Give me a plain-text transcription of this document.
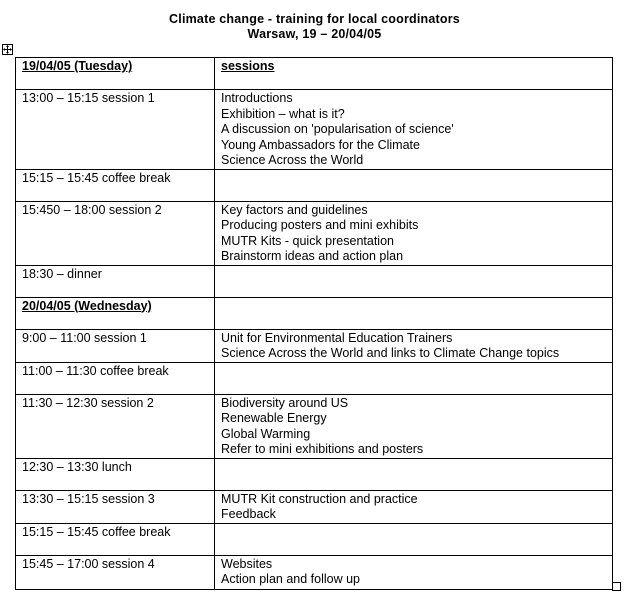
Climate change - training for local coordinators
Warsaw, 19 – 20/04/05
19/04/05 (Tuesday)	sessions

13:00 – 15:15 session 1	Introductions
Exhibition – what is it?
A discussion on 'popularisation of science'
Young Ambassadors for the Climate
Science Across the World

15:15 – 15:45 coffee break	

15:450 – 18:00 session 2	Key factors and guidelines
Producing posters and mini exhibits
MUTR Kits - quick presentation
Brainstorm ideas and action plan

18:30 – dinner	

20/04/05 (Wednesday)	

9:00 – 11:00 session 1	Unit for Environmental Education Trainers
Science Across the World and links to Climate Change topics

11:00 – 11:30 coffee break	

11:30 – 12:30 session 2	Biodiversity around US
Renewable Energy
Global Warming
Refer to mini exhibitions and posters

12:30 – 13:30 lunch	

13:30 – 15:15 session 3	MUTR Kit construction and practice
Feedback

15:15 – 15:45 coffee break	

15:45 – 17:00 session 4	Websites
Action plan and follow up
